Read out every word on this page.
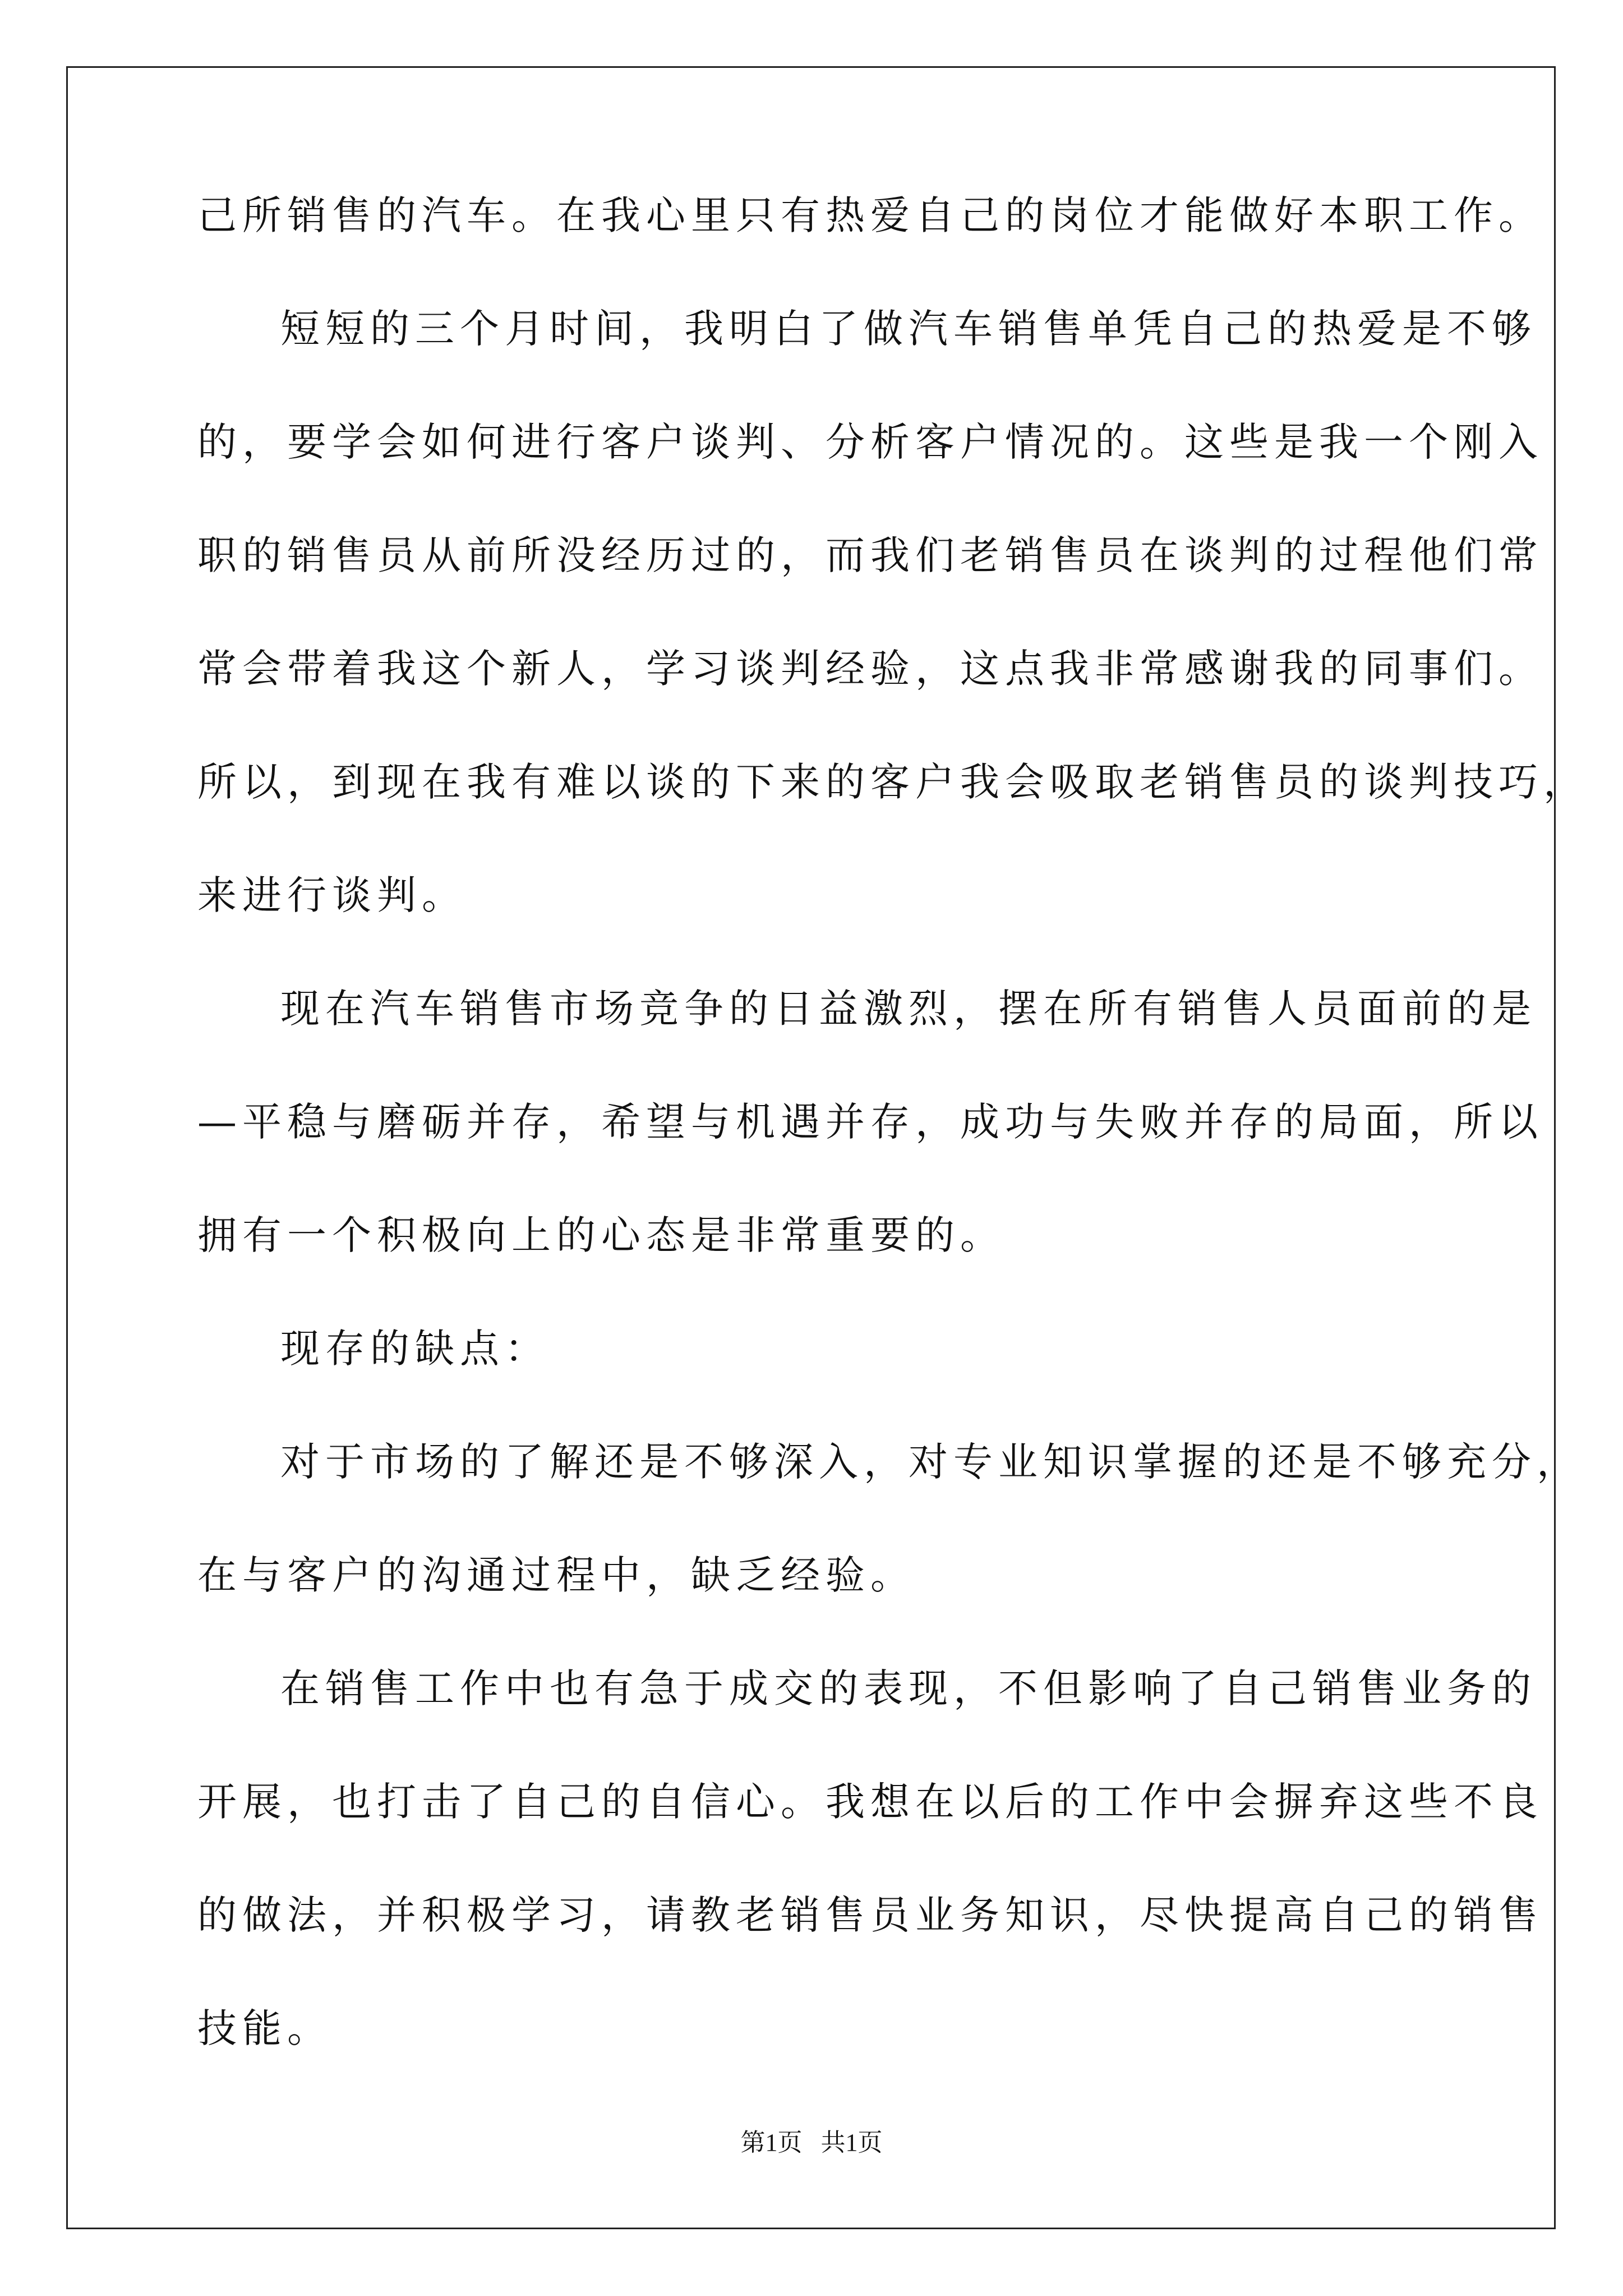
己所销售的汽车。在我心里只有热爱自己的岗位才能做好本职工作。
短短的三个月时间，我明白了做汽车销售单凭自己的热爱是不够
的，要学会如何进行客户谈判、分析客户情况的。这些是我一个刚入
职的销售员从前所没经历过的，而我们老销售员在谈判的过程他们常
常会带着我这个新人，学习谈判经验，这点我非常感谢我的同事们。
所以，到现在我有难以谈的下来的客户我会吸取老销售员的谈判技巧，
来进行谈判。
现在汽车销售市场竞争的日益激烈，摆在所有销售人员面前的是
—平稳与磨砺并存，希望与机遇并存，成功与失败并存的局面，所以
拥有一个积极向上的心态是非常重要的。
现存的缺点：
对于市场的了解还是不够深入，对专业知识掌握的还是不够充分，
在与客户的沟通过程中，缺乏经验。
在销售工作中也有急于成交的表现，不但影响了自己销售业务的
开展，也打击了自己的自信心。我想在以后的工作中会摒弃这些不良
的做法，并积极学习，请教老销售员业务知识，尽快提高自己的销售
技能。
第1页   共1页
